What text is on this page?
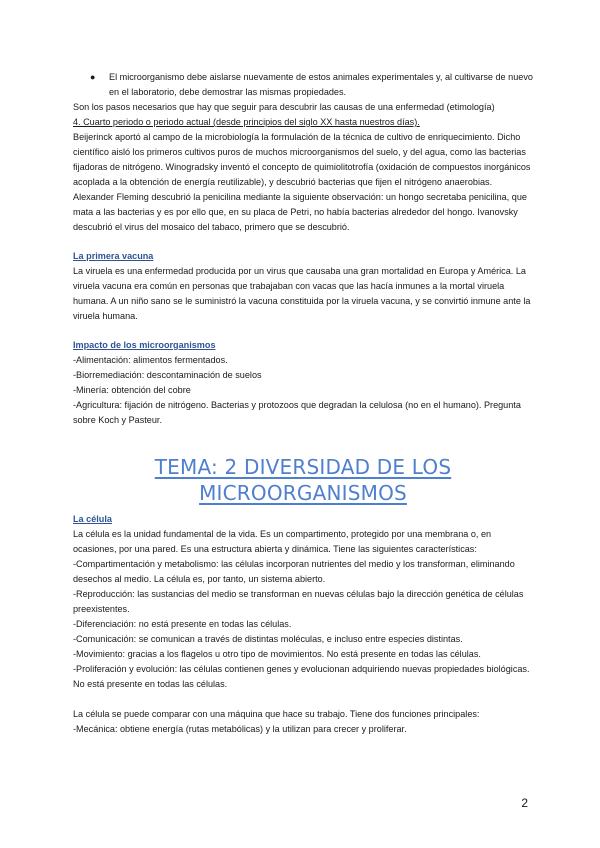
● El microorganismo debe aislarse nuevamente de estos animales experimentales y, al cultivarse de nuevo en el laboratorio, debe demostrar las mismas propiedades.

Son los pasos necesarios que hay que seguir para descubrir las causas de una enfermedad (etimología)

4. Cuarto periodo o periodo actual (desde principios del siglo XX hasta nuestros días).

Beijerinck aportó al campo de la microbiología la formulación de la técnica de cultivo de enriquecimiento. Dicho científico aisló los primeros cultivos puros de muchos microorganismos del suelo, y del agua, como las bacterias fijadoras de nitrógeno. Winogradsky inventó el concepto de quimiolitotrofía (oxidación de compuestos inorgánicos acoplada a la obtención de energía reutilizable), y descubrió bacterias que fijen el nitrógeno anaerobias. Alexander Fleming descubrió la penicilina mediante la siguiente observación: un hongo secretaba penicilina, que mata a las bacterias y es por ello que, en su placa de Petri, no había bacterias alrededor del hongo. Ivanovsky descubrió el virus del mosaico del tabaco, primero que se descubrió.

La primera vacuna

La viruela es una enfermedad producida por un virus que causaba una gran mortalidad en Europa y América. La viruela vacuna era común en personas que trabajaban con vacas que las hacía inmunes a la mortal viruela humana. A un niño sano se le suministró la vacuna constituida por la viruela vacuna, y se convirtió inmune ante la viruela humana.

Impacto de los microorganismos

-Alimentación: alimentos fermentados.

-Biorremediación: descontaminación de suelos

-Minería: obtención del cobre

-Agricultura: fijación de nitrógeno. Bacterias y protozoos que degradan la celulosa (no en el humano). Pregunta sobre Koch y Pasteur.

TEMA: 2 DIVERSIDAD DE LOS MICROORGANISMOS

La célula

La célula es la unidad fundamental de la vida. Es un compartimento, protegido por una membrana o, en ocasiones, por una pared. Es una estructura abierta y dinámica. Tiene las siguientes características:

-Compartimentación y metabolismo: las células incorporan nutrientes del medio y los transforman, eliminando desechos al medio. La célula es, por tanto, un sistema abierto.

-Reproducción: las sustancias del medio se transforman en nuevas células bajo la dirección genética de células preexistentes.

-Diferenciación: no está presente en todas las células.

-Comunicación: se comunican a través de distintas moléculas, e incluso entre especies distintas.

-Movimiento: gracias a los flagelos u otro tipo de movimientos. No está presente en todas las células.

-Proliferación y evolución: las células contienen genes y evolucionan adquiriendo nuevas propiedades biológicas. No está presente en todas las células.

La célula se puede comparar con una máquina que hace su trabajo. Tiene dos funciones principales:

-Mecánica: obtiene energía (rutas metabólicas) y la utilizan para crecer y proliferar.

2
